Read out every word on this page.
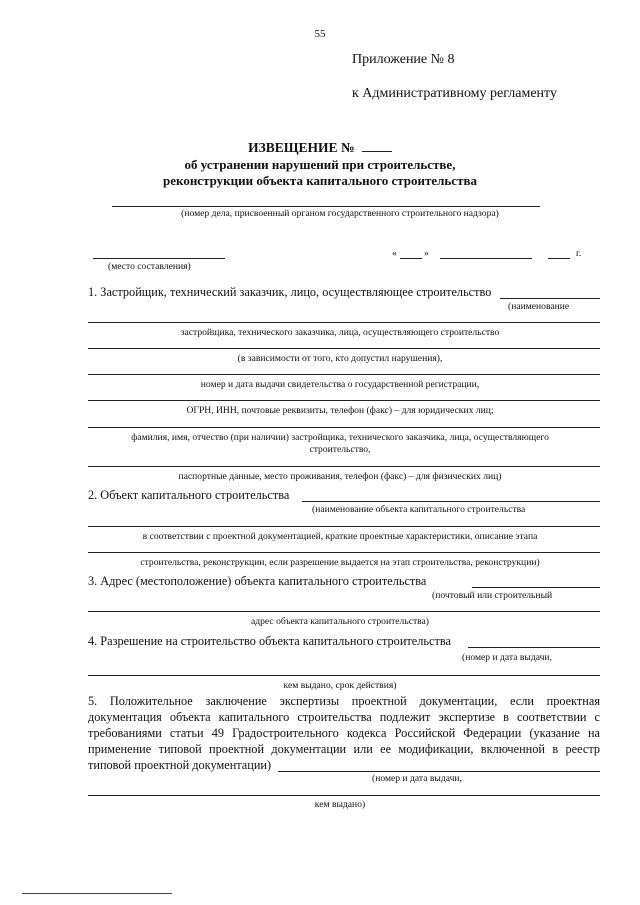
55
Приложение № 8
к Административному регламенту
ИЗВЕЩЕНИЕ №
об устранении нарушений при строительстве,
реконструкции объекта капитального строительства
(номер дела, присвоенный органом государственного строительного надзора)
(место составления)
«	»	г.
1. Застройщик, технический заказчик, лицо, осуществляющее строительство
(наименование
застройщика, технического заказчика, лица, осуществляющего строительство
(в зависимости от того, кто допустил нарушения),
номер и дата выдачи свидетельства о государственной регистрации,
ОГРН, ИНН, почтовые реквизиты, телефон (факс) – для юридических лиц;
фамилия, имя, отчество (при наличии) застройщика, технического заказчика, лица, осуществляющего
строительство,
паспортные данные, место проживания, телефон (факс) – для физических лиц)
2. Объект капитального строительства
(наименование объекта капитального строительства
в соответствии с проектной документацией, краткие проектные характеристики, описание этапа
строительства, реконструкции, если разрешение выдается на этап строительства, реконструкции)
3. Адрес (местоположение) объекта капитального строительства
(почтовый или строительный
адрес объекта капитального строительства)
4. Разрешение на строительство объекта капитального строительства
(номер и дата выдачи,
кем выдано, срок действия)
5. Положительное заключение экспертизы проектной документации, если проектная
документация объекта капитального строительства подлежит экспертизе в соответствии с
требованиями статьи 49 Градостроительного кодекса Российской Федерации (указание на
применение типовой проектной документации или ее модификации, включенной в реестр
типовой проектной документации)
(номер и дата выдачи,
кем выдано)
